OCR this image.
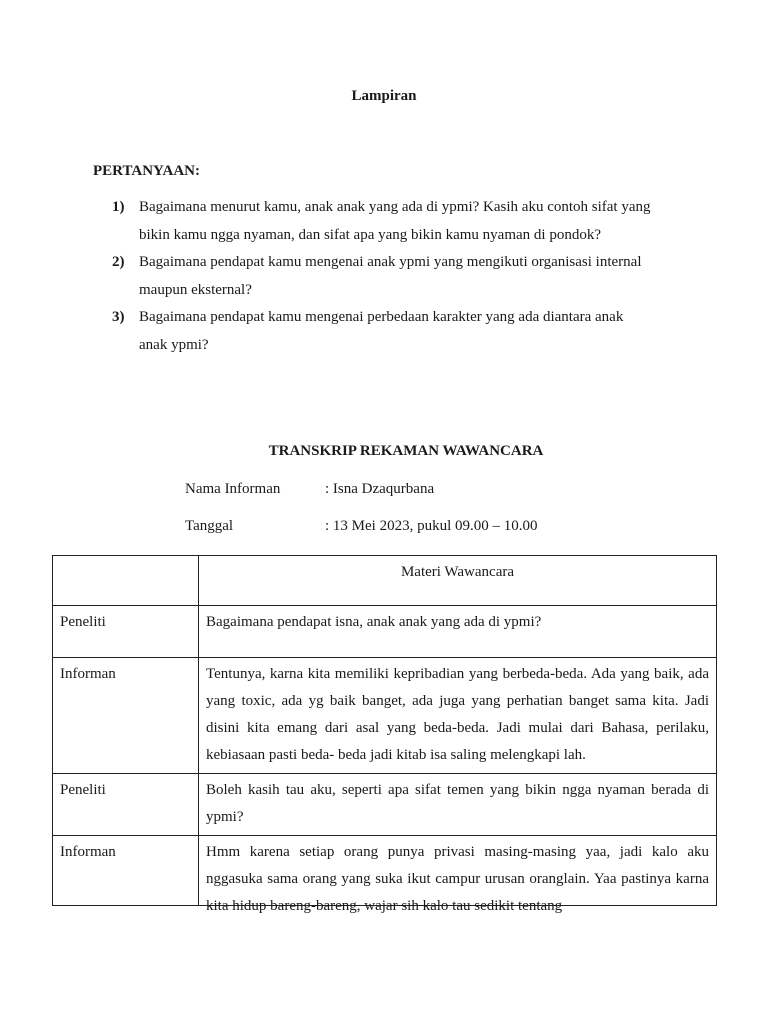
Lampiran
PERTANYAAN:
1) Bagaimana menurut kamu, anak anak yang ada di ypmi? Kasih aku contoh sifat yang bikin kamu ngga nyaman, dan sifat apa yang bikin kamu nyaman di pondok?
2) Bagaimana pendapat kamu mengenai anak ypmi yang mengikuti organisasi internal maupun eksternal?
3) Bagaimana pendapat kamu mengenai perbedaan karakter yang ada diantara anak anak ypmi?
TRANSKRIP REKAMAN WAWANCARA
Nama Informan	: Isna Dzaqurbana
Tanggal	: 13 Mei 2023, pukul 09.00 – 10.00
	Materi Wawancara
Peneliti	Bagaimana pendapat isna, anak anak yang ada di ypmi?
Informan	Tentunya, karna kita memiliki kepribadian yang berbeda-beda. Ada yang baik, ada yang toxic, ada yg baik banget, ada juga yang perhatian banget sama kita. Jadi disini kita emang dari asal yang beda-beda. Jadi mulai dari Bahasa, perilaku, kebiasaan pasti beda- beda jadi kitab isa saling melengkapi lah.
Peneliti	Boleh kasih tau aku, seperti apa sifat temen yang bikin ngga nyaman berada di ypmi?
Informan	Hmm karena setiap orang punya privasi masing-masing yaa, jadi kalo aku nggasuka sama orang yang suka ikut campur urusan oranglain. Yaa pastinya karna kita hidup bareng-bareng, wajar sih kalo tau sedikit tentang
